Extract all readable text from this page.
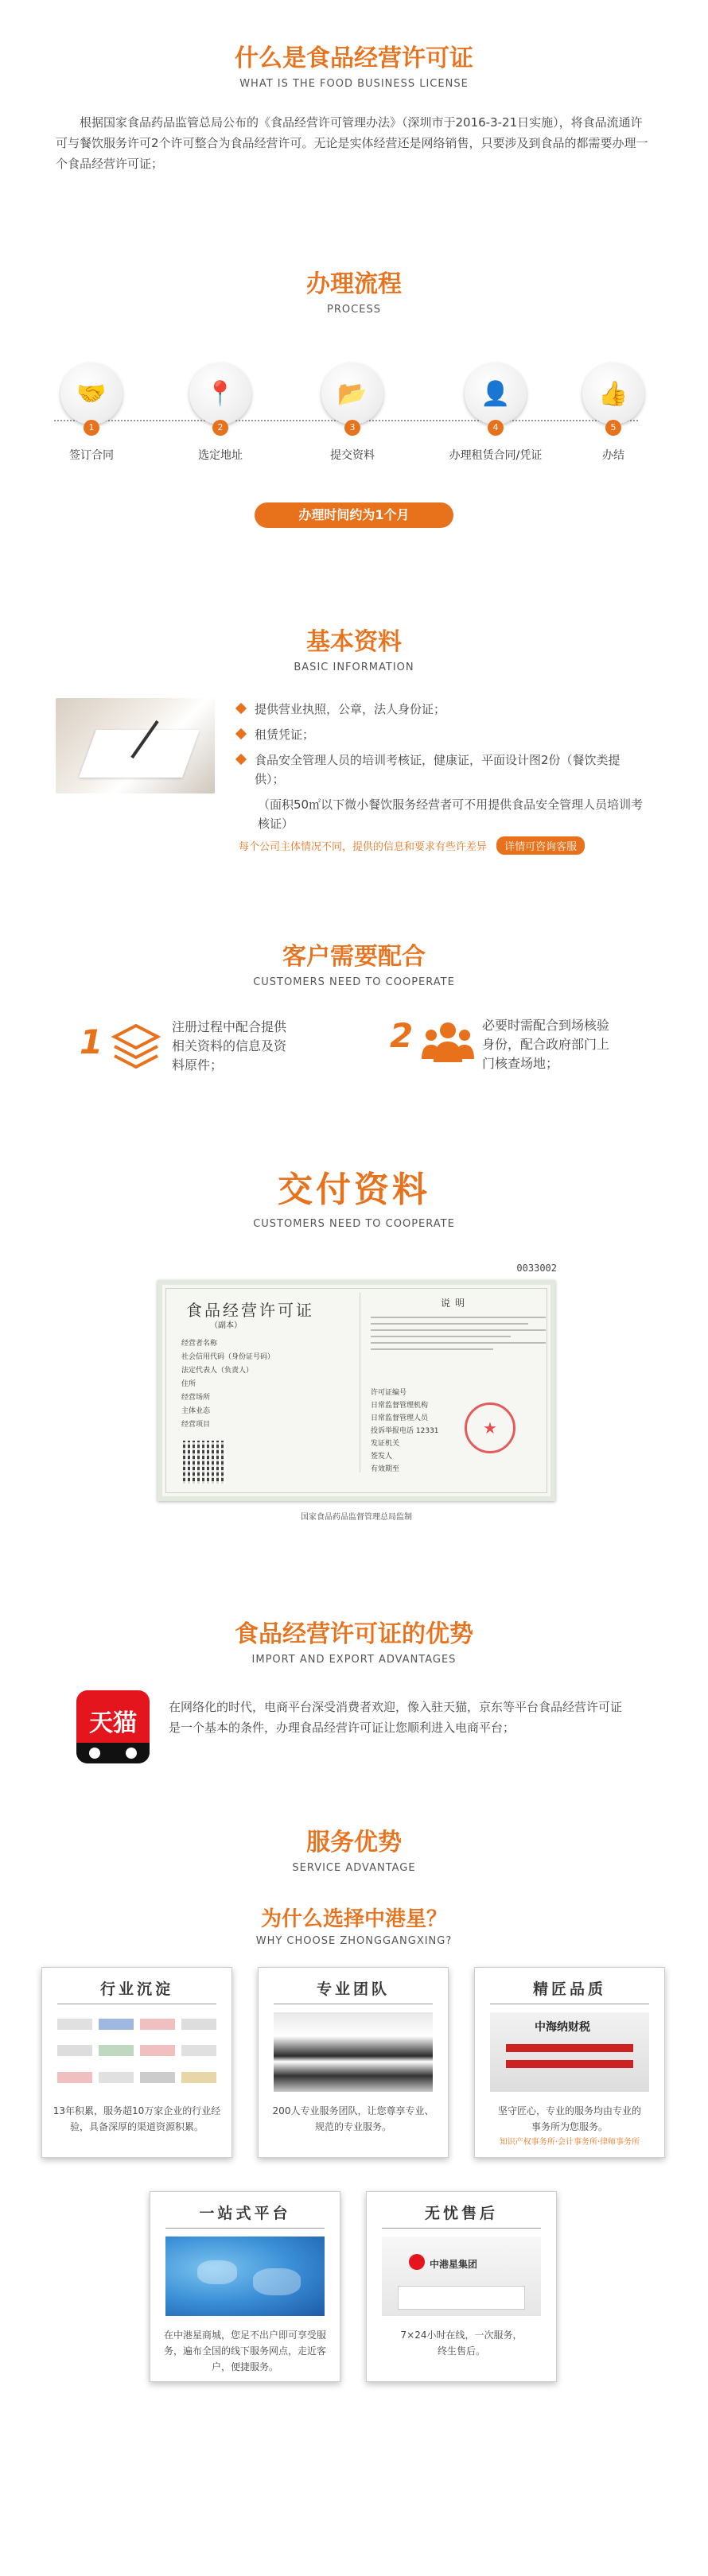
什么是食品经营许可证
WHAT IS THE FOOD BUSINESS LICENSE
根据国家食品药品监管总局公布的《食品经营许可管理办法》（深圳市于2016-3-21日实施），将食品流通许可与餐饮服务许可2个许可整合为食品经营许可。无论是实体经营还是网络销售，只要涉及到食品的都需要办理一个食品经营许可证；
办理流程
PROCESS
🤝
1
签订合同
📍
2
选定地址
📂
3
提交资料
👤
4
办理租赁合同/凭证
👍
5
办结
办理时间约为1个月
基本资料
BASIC INFORMATION
提供营业执照，公章，法人身份证；
租赁凭证；
食品安全管理人员的培训考核证，健康证，平面设计图2份（餐饮类提供）；
（面积50㎡以下微小餐饮服务经营者可不用提供食品安全管理人员培训考核证）
每个公司主体情况不同，提供的信息和要求有些许差异 详情可咨询客服
客户需要配合
CUSTOMERS NEED TO COOPERATE
1	注册过程中配合提供相关资料的信息及资料原件；
2	必要时需配合到场核验身份，配合政府部门上门核查场地；
交付资料
CUSTOMERS NEED TO COOPERATE
0033002
食品经营许可证
（副本）
经营者名称
社会信用代码（身份证号码）
法定代表人（负责人）
住所
经营场所
主体业态
经营项目
说明
许可证编号
日常监督管理机构
日常监督管理人员
投诉举报电话 12331
发证机关
签发人
有效期至
★
国家食品药品监督管理总局监制
食品经营许可证的优势
IMPORT AND EXPORT ADVANTAGES
天猫
在网络化的时代，电商平台深受消费者欢迎，像入驻天猫，京东等平台食品经营许可证是一个基本的条件，办理食品经营许可证让您顺利进入电商平台；
服务优势
SERVICE ADVANTAGE
为什么选择中港星？
WHY CHOOSE ZHONGGANGXING?
行业沉淀
13年积累，服务超10万家企业的行业经验，具备深厚的渠道资源积累。
专业团队
200人专业服务团队，让您尊享专业、规范的专业服务。
精匠品质
中海纳财税
坚守匠心，专业的服务均由专业的事务所为您服务。
知识产权事务所·会计事务所·律师事务所
一站式平台
在中港星商城，您足不出户即可享受服务，遍布全国的线下服务网点，走近客户，便捷服务。
无忧售后
中港星集团
7×24小时在线，一次服务，终生售后。
